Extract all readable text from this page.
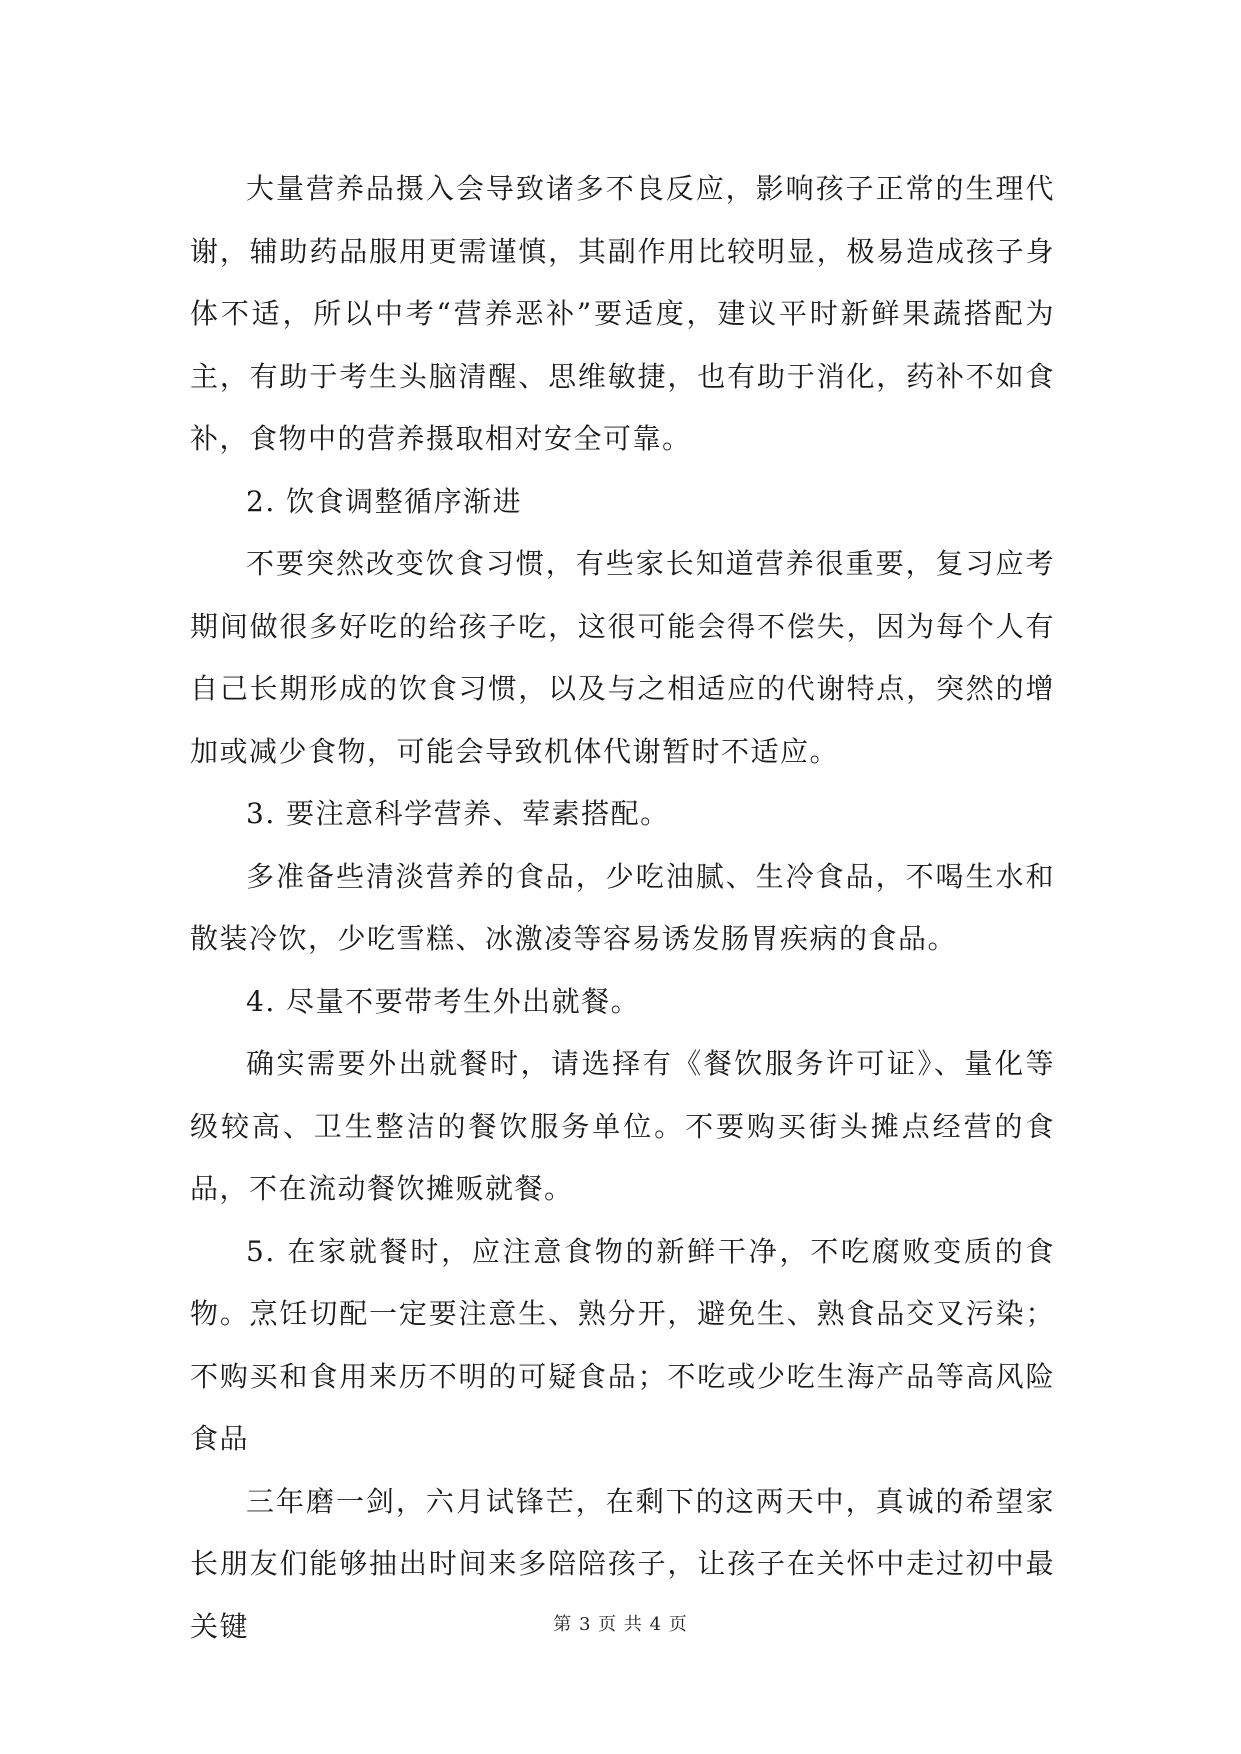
大量营养品摄入会导致诸多不良反应，影响孩子正常的生理代谢，辅助药品服用更需谨慎，其副作用比较明显，极易造成孩子身体不适，所以中考“营养恶补”要适度，建议平时新鲜果蔬搭配为主，有助于考生头脑清醒、思维敏捷，也有助于消化，药补不如食补，食物中的营养摄取相对安全可靠。

2. 饮食调整循序渐进

不要突然改变饮食习惯，有些家长知道营养很重要，复习应考期间做很多好吃的给孩子吃，这很可能会得不偿失，因为每个人有自己长期形成的饮食习惯，以及与之相适应的代谢特点，突然的增加或减少食物，可能会导致机体代谢暂时不适应。

3. 要注意科学营养、荤素搭配。

多准备些清淡营养的食品，少吃油腻、生冷食品，不喝生水和散装冷饮，少吃雪糕、冰激凌等容易诱发肠胃疾病的食品。

4. 尽量不要带考生外出就餐。

确实需要外出就餐时，请选择有《餐饮服务许可证》、量化等级较高、卫生整洁的餐饮服务单位。不要购买街头摊点经营的食品，不在流动餐饮摊贩就餐。

5. 在家就餐时，应注意食物的新鲜干净，不吃腐败变质的食物。烹饪切配一定要注意生、熟分开，避免生、熟食品交叉污染；不购买和食用来历不明的可疑食品；不吃或少吃生海产品等高风险食品

三年磨一剑，六月试锋芒，在剩下的这两天中，真诚的希望家长朋友们能够抽出时间来多陪陪孩子，让孩子在关怀中走过初中最关键	第 3 页 共 4 页
